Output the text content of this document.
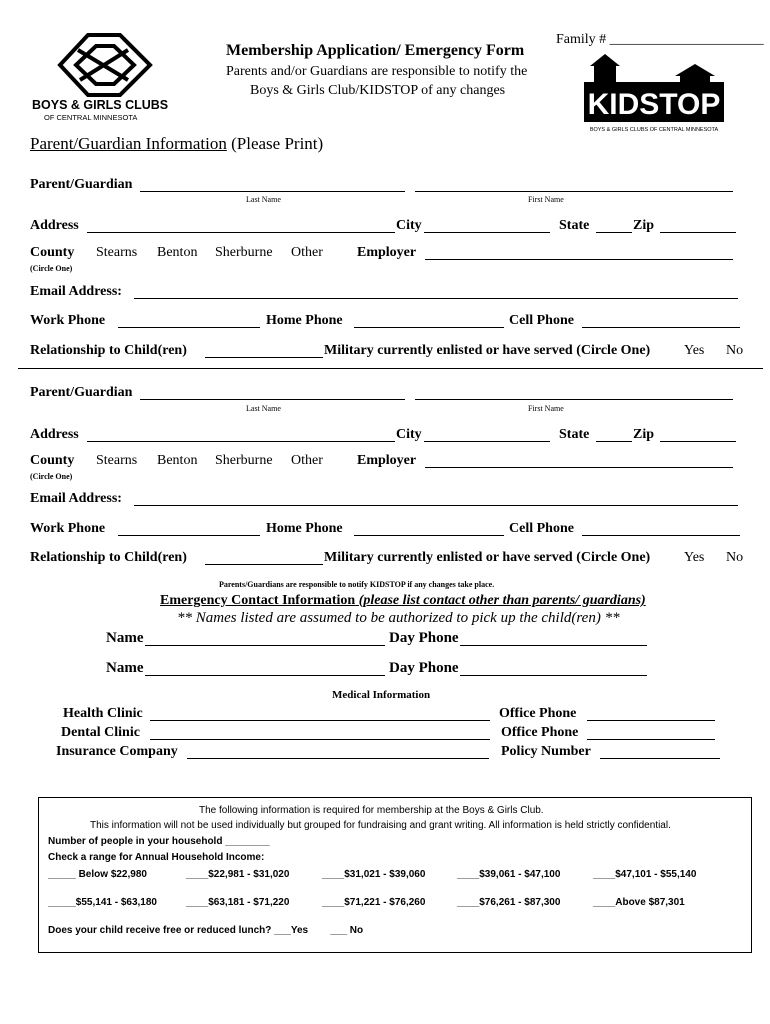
BOYS & GIRLS CLUBS
OF CENTRAL MINNESOTA
Membership Application/ Emergency Form
Parents and/or Guardians are responsible to notify the
Boys & Girls Club/KIDSTOP of any changes
Family # ______________________
KIDSTOP
BOYS & GIRLS CLUBS OF CENTRAL MINNESOTA
Parent/Guardian Information (Please Print)
Parent/Guardian
Last Name	First Name
Address	City	State	Zip
County
(Circle One)
Stearns Benton Sherburne Other Employer
Email Address:
Work Phone	Home Phone	Cell Phone
Relationship to Child(ren)	Military currently enlisted or have served (Circle One) Yes No
Parent/Guardian
Last Name	First Name
Address	City	State	Zip
County
(Circle One)
Stearns Benton Sherburne Other Employer
Email Address:
Work Phone	Home Phone	Cell Phone
Relationship to Child(ren)	Military currently enlisted or have served (Circle One) Yes No
Parents/Guardians are responsible to notify KIDSTOP if any changes take place.
Emergency Contact Information (please list contact other than parents/ guardians)
** Names listed are assumed to be authorized to pick up the child(ren) **
Name	Day Phone
Name	Day Phone
Medical Information
Health Clinic	Office Phone
Dental Clinic	Office Phone
Insurance Company	Policy Number
The following information is required for membership at the Boys & Girls Club.
This information will not be used individually but grouped for fundraising and grant writing. All information is held strictly confidential.
Number of people in your household ________
Check a range for Annual Household Income:
_____ Below $22,980	____$22,981 - $31,020	____$31,021 - $39,060	____$39,061 - $47,100	____$47,101 - $55,140
_____$55,141 - $63,180	____$63,181 - $71,220	____$71,221 - $76,260	____$76,261 - $87,300	____Above $87,301
Does your child receive free or reduced lunch? ___Yes        ___ No
